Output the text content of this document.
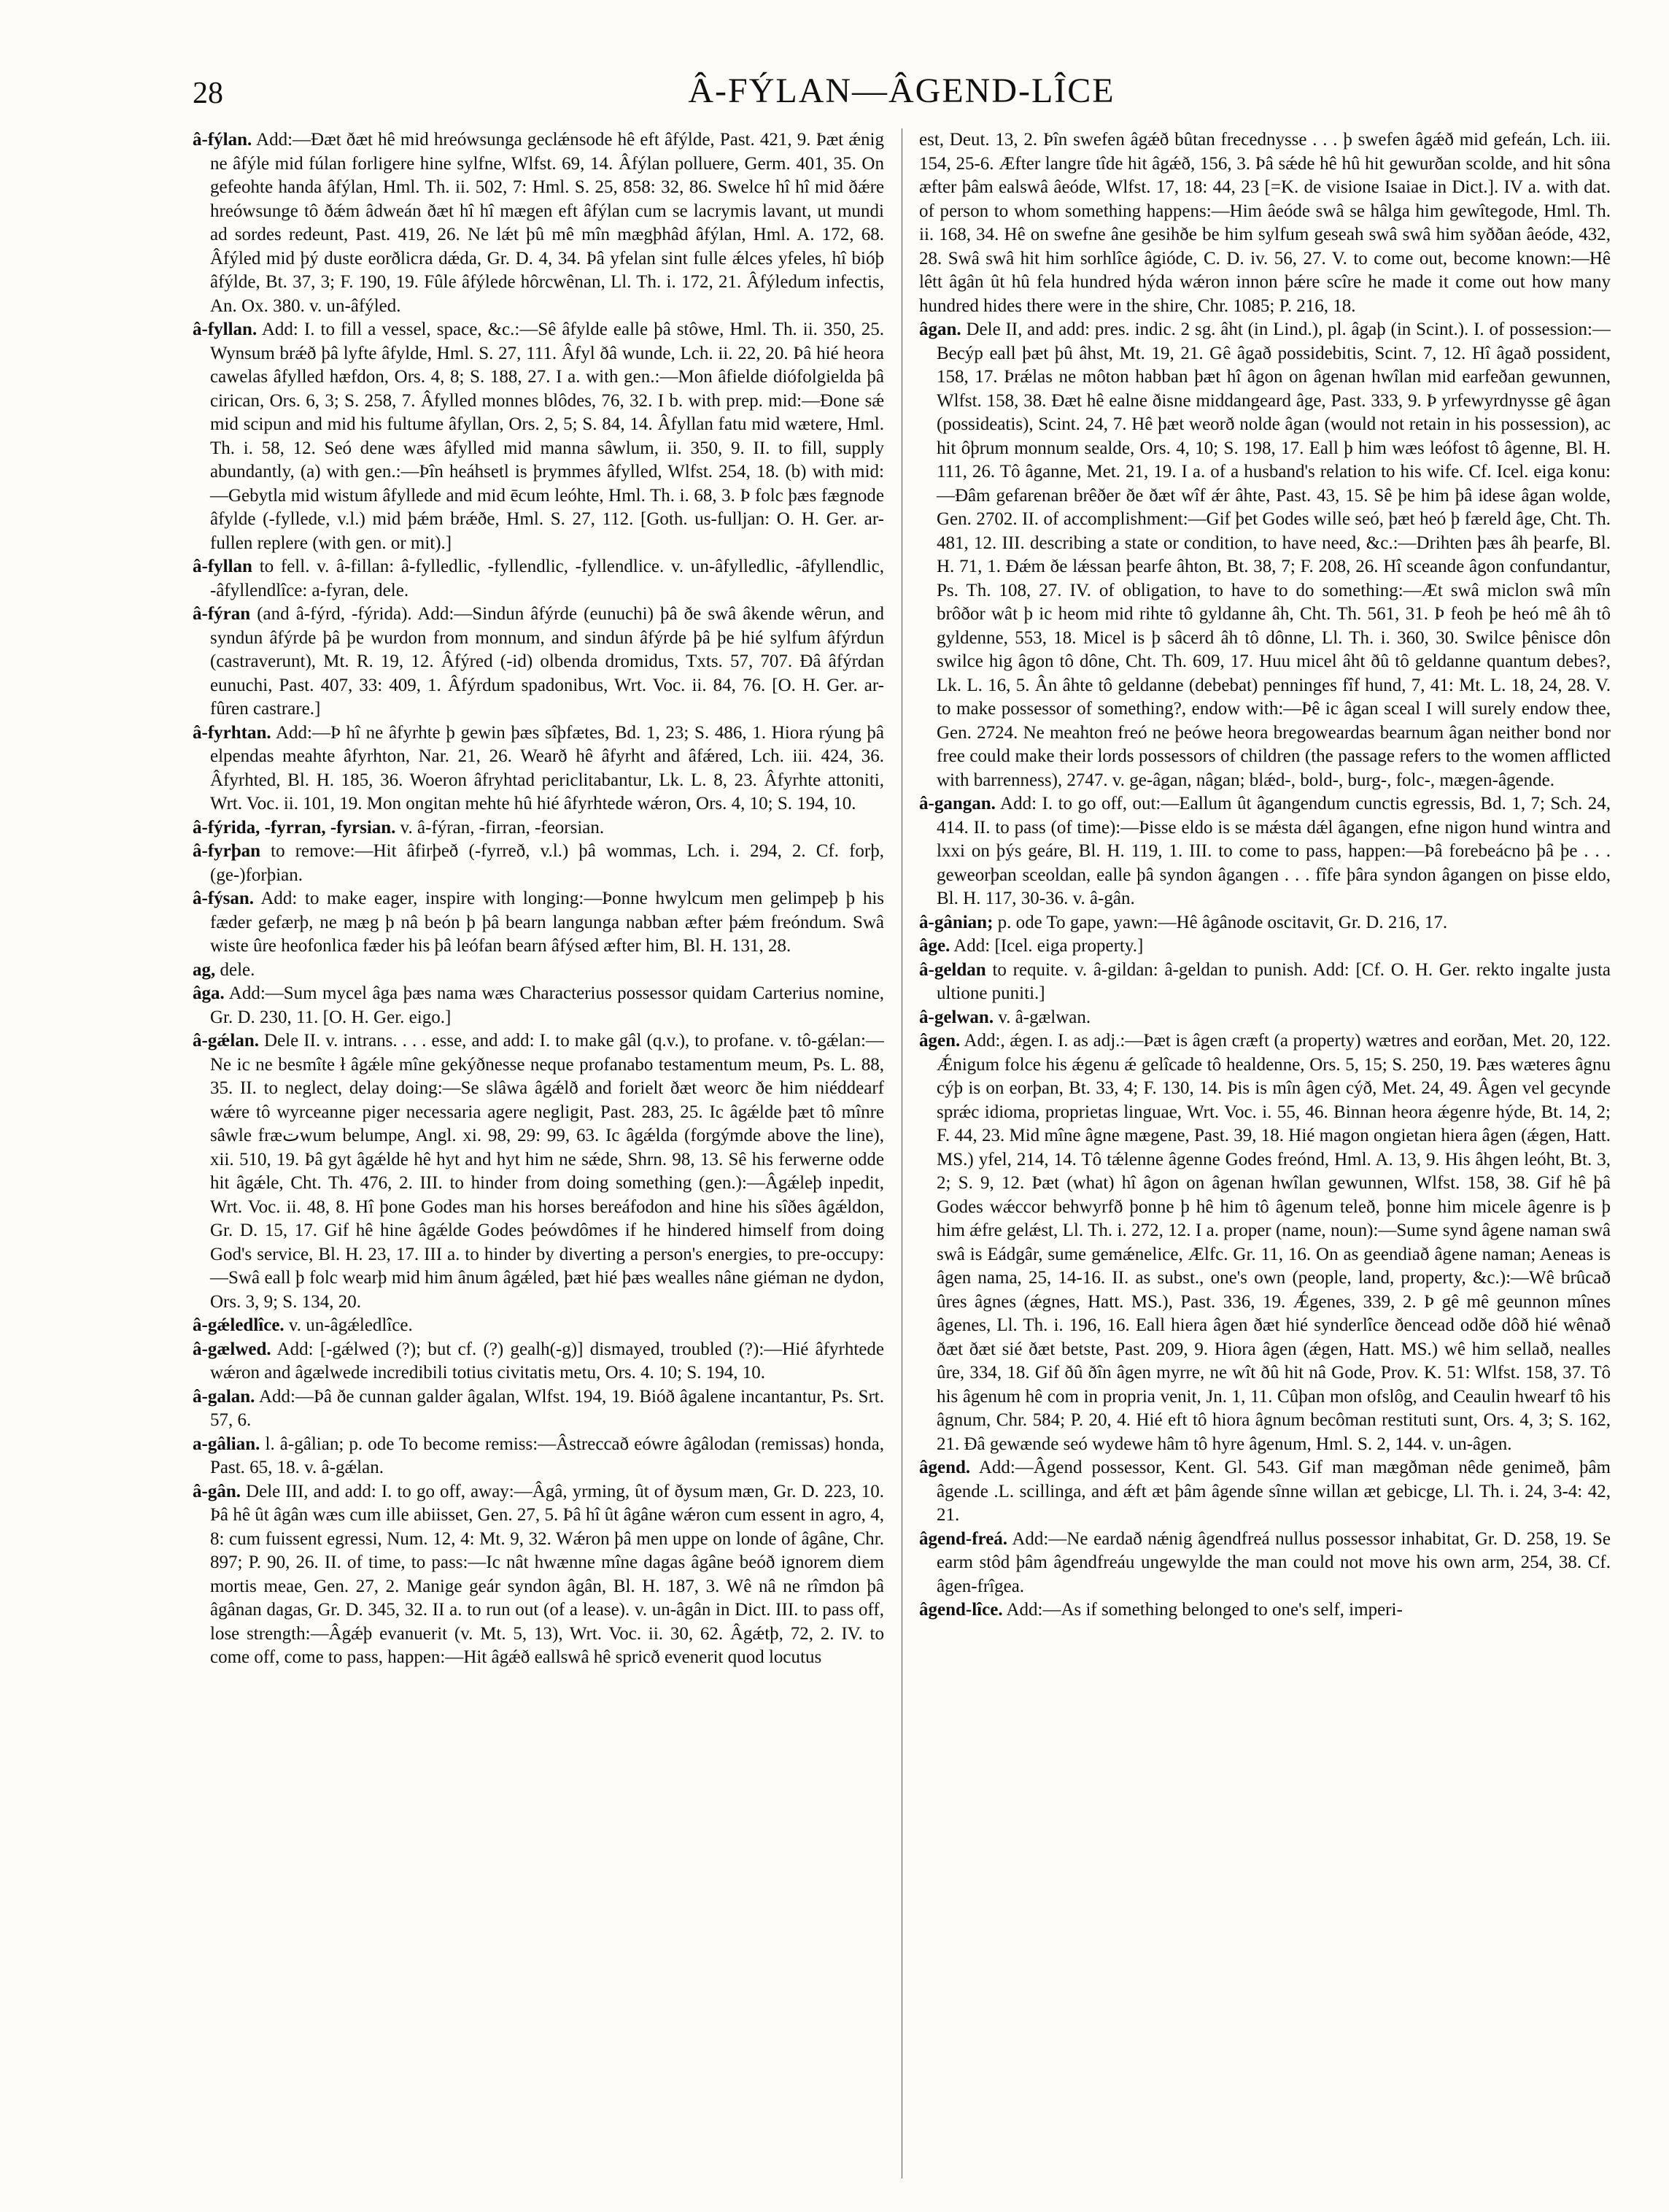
28	Â-FÝLAN—ÂGEND-LÎCE

â-fýlan. Add:—Ðæt ðæt hê mid hreówsunga geclǽnsode hê eft âfýlde, Past. 421, 9. Þæt ǽnig ne âfýle mid fúlan forligere hine sylfne, Wlfst. 69, 14. Âfýlan polluere, Germ. 401, 35. On gefeohte handa âfýlan, Hml. Th. ii. 502, 7: Hml. S. 25, 858: 32, 86. Swelce hî hî mid ðǽre hreówsunge tô ðǽm âdweán ðæt hî hî mægen eft âfýlan cum se lacrymis lavant, ut mundi ad sordes redeunt, Past. 419, 26. Ne lǽt þû mê mîn mægþhâd âfýlan, Hml. A. 172, 68. Âfýled mid þý duste eorðlicra dǽda, Gr. D. 4, 34. Þâ yfelan sint fulle ǽlces yfeles, hî bióþ âfýlde, Bt. 37, 3; F. 190, 19. Fûle âfýlede hôrcwênan, Ll. Th. i. 172, 21. Âfýledum infectis, An. Ox. 380. v. un-âfýled.

â-fyllan. Add: I. to fill a vessel, space, &c.:—Sê âfylde ealle þâ stôwe, Hml. Th. ii. 350, 25. Wynsum brǽð þâ lyfte âfylde, Hml. S. 27, 111. Âfyl ðâ wunde, Lch. ii. 22, 20. Þâ hié heora cawelas âfylled hæfdon, Ors. 4, 8; S. 188, 27. I a. with gen.:—Mon âfielde diófolgielda þâ cirican, Ors. 6, 3; S. 258, 7. Âfylled monnes blôdes, 76, 32. I b. with prep. mid:—Ðone sǽ mid scipun and mid his fultume âfyllan, Ors. 2, 5; S. 84, 14. Âfyllan fatu mid wætere, Hml. Th. i. 58, 12. Seó dene wæs âfylled mid manna sâwlum, ii. 350, 9. II. to fill, supply abundantly, (a) with gen.:—Þîn heáhsetl is þrymmes âfylled, Wlfst. 254, 18. (b) with mid:—Gebytla mid wistum âfyllede and mid ēcum leóhte, Hml. Th. i. 68, 3. Þ folc þæs fægnode âfylde (-fyllede, v.l.) mid þǽm brǽðe, Hml. S. 27, 112. [Goth. us-fulljan: O. H. Ger. ar-fullen replere (with gen. or mit).]

â-fyllan to fell. v. â-fillan: â-fylledlic, -fyllendlic, -fyllendlice. v. un-âfylledlic, -âfyllendlic, -âfyllendlîce: a-fyran, dele.

â-fýran (and â-fýrd, -fýrida). Add:—Sindun âfýrde (eunuchi) þâ ðe swâ âkende wêrun, and syndun âfýrde þâ þe wurdon from monnum, and sindun âfýrde þâ þe hié sylfum âfýrdun (castraverunt), Mt. R. 19, 12. Âfýred (-id) olbenda dromidus, Txts. 57, 707. Ðâ âfýrdan eunuchi, Past. 407, 33: 409, 1. Âfýrdum spadonibus, Wrt. Voc. ii. 84, 76. [O. H. Ger. ar-fûren castrare.]

â-fyrhtan. Add:—Þ hî ne âfyrhte þ gewin þæs sîþfætes, Bd. 1, 23; S. 486, 1. Hiora rýung þâ elpendas meahte âfyrhton, Nar. 21, 26. Wearð hê âfyrht and âfǽred, Lch. iii. 424, 36. Âfyrhted, Bl. H. 185, 36. Woeron âfryhtad periclitabantur, Lk. L. 8, 23. Âfyrhte attoniti, Wrt. Voc. ii. 101, 19. Mon ongitan mehte hû hié âfyrhtede wǽron, Ors. 4, 10; S. 194, 10.

â-fýrida, -fyrran, -fyrsian. v. â-fýran, -firran, -feorsian.

â-fyrþan to remove:—Hit âfirþeð (-fyrreð, v.l.) þâ wommas, Lch. i. 294, 2. Cf. forþ, (ge-)forþian.

â-fýsan. Add: to make eager, inspire with longing:—Þonne hwylcum men gelimpeþ þ his fæder gefærþ, ne mæg þ nâ beón þ þâ bearn langunga nabban æfter þǽm freóndum. Swâ wiste ûre heofonlica fæder his þâ leófan bearn âfýsed æfter him, Bl. H. 131, 28.

ag, dele.

âga. Add:—Sum mycel âga þæs nama wæs Characterius possessor quidam Carterius nomine, Gr. D. 230, 11. [O. H. Ger. eigo.]

â-gǽlan. Dele II. v. intrans. . . . esse, and add: I. to make gâl (q.v.), to profane. v. tô-gǽlan:—Ne ic ne besmîte ł âgǽle mîne gekýðnesse neque profanabo testamentum meum, Ps. L. 88, 35. II. to neglect, delay doing:—Se slâwa âgǽlð and forielt ðæt weorc ðe him niéddearf wǽre tô wyrceanne piger necessaria agere negligit, Past. 283, 25. Ic âgǽlde þæt tô mînre sâwle fræتwum belumpe, Angl. xi. 98, 29: 99, 63. Ic âgǽlda (forgýmde above the line), xii. 510, 19. Þâ gyt âgǽlde hê hyt and hyt him ne sǽde, Shrn. 98, 13. Sê his ferwerne odde hit âgǽle, Cht. Th. 476, 2. III. to hinder from doing something (gen.):—Âgǽleþ inpedit, Wrt. Voc. ii. 48, 8. Hî þone Godes man his horses bereáfodon and hine his sîðes âgǽldon, Gr. D. 15, 17. Gif hê hine âgǽlde Godes þeówdômes if he hindered himself from doing God's service, Bl. H. 23, 17. III a. to hinder by diverting a person's energies, to pre-occupy:—Swâ eall þ folc wearþ mid him ânum âgǽled, þæt hié þæs wealles nâne giéman ne dydon, Ors. 3, 9; S. 134, 20.

â-gǽledlîce. v. un-âgǽledlîce.

â-gælwed. Add: [-gǽlwed (?); but cf. (?) gealh(-g)] dismayed, troubled (?):—Hié âfyrhtede wǽron and âgælwede incredibili totius civitatis metu, Ors. 4. 10; S. 194, 10.

â-galan. Add:—Þâ ðe cunnan galder âgalan, Wlfst. 194, 19. Bióð âgalene incantantur, Ps. Srt. 57, 6.

a-gâlian. l. â-gâlian; p. ode To become remiss:—Âstreccað eówre âgâlodan (remissas) honda, Past. 65, 18. v. â-gǽlan.

â-gân. Dele III, and add: I. to go off, away:—Âgâ, yrming, ût of ðysum mæn, Gr. D. 223, 10. Þâ hê ût âgân wæs cum ille abiisset, Gen. 27, 5. Þâ hî ût âgâne wǽron cum essent in agro, 4, 8: cum fuissent egressi, Num. 12, 4: Mt. 9, 32. Wǽron þâ men uppe on londe of âgâne, Chr. 897; P. 90, 26. II. of time, to pass:—Ic nât hwænne mîne dagas âgâne beóð ignorem diem mortis meae, Gen. 27, 2. Manige geár syndon âgân, Bl. H. 187, 3. Wê nâ ne rîmdon þâ âgânan dagas, Gr. D. 345, 32. II a. to run out (of a lease). v. un-âgân in Dict. III. to pass off, lose strength:—Âgǽþ evanuerit (v. Mt. 5, 13), Wrt. Voc. ii. 30, 62. Âgǽtþ, 72, 2. IV. to come off, come to pass, happen:—Hit âgǽð eallswâ hê spricð evenerit quod locutus

est, Deut. 13, 2. Þîn swefen âgǽð bûtan frecednysse . . . þ swefen âgǽð mid gefeán, Lch. iii. 154, 25-6. Æfter langre tîde hit âgǽð, 156, 3. Þâ sǽde hê hû hit gewurðan scolde, and hit sôna æfter þâm ealswâ âeóde, Wlfst. 17, 18: 44, 23 [=K. de visione Isaiae in Dict.]. IV a. with dat. of person to whom something happens:—Him âeóde swâ se hâlga him gewîtegode, Hml. Th. ii. 168, 34. Hê on swefne âne gesihðe be him sylfum geseah swâ swâ him syððan âeóde, 432, 28. Swâ swâ hit him sorhlîce âgióde, C. D. iv. 56, 27. V. to come out, become known:—Hê lêtt âgân ût hû fela hundred hýda wǽron innon þǽre scîre he made it come out how many hundred hides there were in the shire, Chr. 1085; P. 216, 18.

âgan. Dele II, and add: pres. indic. 2 sg. âht (in Lind.), pl. âgaþ (in Scint.). I. of possession:—Becýp eall þæt þû âhst, Mt. 19, 21. Gê âgað possidebitis, Scint. 7, 12. Hî âgað possident, 158, 17. Þrǽlas ne môton habban þæt hî âgon on âgenan hwîlan mid earfeðan gewunnen, Wlfst. 158, 38. Ðæt hê ealne ðisne middangeard âge, Past. 333, 9. Þ yrfewyrdnysse gê âgan (possideatis), Scint. 24, 7. Hê þæt weorð nolde âgan (would not retain in his possession), ac hit ôþrum monnum sealde, Ors. 4, 10; S. 198, 17. Eall þ him wæs leófost tô âgenne, Bl. H. 111, 26. Tô âganne, Met. 21, 19. I a. of a husband's relation to his wife. Cf. Icel. eiga konu:—Ðâm gefarenan brêðer ðe ðæt wîf ǽr âhte, Past. 43, 15. Sê þe him þâ idese âgan wolde, Gen. 2702. II. of accomplishment:—Gif þet Godes wille seó, þæt heó þ færeld âge, Cht. Th. 481, 12. III. describing a state or condition, to have need, &c.:—Drihten þæs âh þearfe, Bl. H. 71, 1. Ðǽm ðe lǽssan þearfe âhton, Bt. 38, 7; F. 208, 26. Hî sceande âgon confundantur, Ps. Th. 108, 27. IV. of obligation, to have to do something:—Æt swâ miclon swâ mîn brôðor wât þ ic heom mid rihte tô gyldanne âh, Cht. Th. 561, 31. Þ feoh þe heó mê âh tô gyldenne, 553, 18. Micel is þ sâcerd âh tô dônne, Ll. Th. i. 360, 30. Swilce þênisce dôn swilce hig âgon tô dône, Cht. Th. 609, 17. Huu micel âht ðû tô geldanne quantum debes?, Lk. L. 16, 5. Ân âhte tô geldanne (debebat) penninges fîf hund, 7, 41: Mt. L. 18, 24, 28. V. to make possessor of something?, endow with:—Þê ic âgan sceal I will surely endow thee, Gen. 2724. Ne meahton freó ne þeówe heora bregoweardas bearnum âgan neither bond nor free could make their lords possessors of children (the passage refers to the women afflicted with barrenness), 2747. v. ge-âgan, nâgan; blǽd-, bold-, burg-, folc-, mægen-âgende.

â-gangan. Add: I. to go off, out:—Eallum ût âgangendum cunctis egressis, Bd. 1, 7; Sch. 24, 414. II. to pass (of time):—Þisse eldo is se mǽsta dǽl âgangen, efne nigon hund wintra and lxxi on þýs geáre, Bl. H. 119, 1. III. to come to pass, happen:—Þâ forebeácno þâ þe . . . geweorþan sceoldan, ealle þâ syndon âgangen . . . fîfe þâra syndon âgangen on þisse eldo, Bl. H. 117, 30-36. v. â-gân.

â-gânian; p. ode To gape, yawn:—Hê âgânode oscitavit, Gr. D. 216, 17.

âge. Add: [Icel. eiga property.]

â-geldan to requite. v. â-gildan: â-geldan to punish. Add: [Cf. O. H. Ger. rekto ingalte justa ultione puniti.]

â-gelwan. v. â-gælwan.

âgen. Add:, ǽgen. I. as adj.:—Þæt is âgen cræft (a property) wætres and eorðan, Met. 20, 122. Ǽnigum folce his ǽgenu ǽ gelîcade tô healdenne, Ors. 5, 15; S. 250, 19. Þæs wæteres âgnu cýþ is on eorþan, Bt. 33, 4; F. 130, 14. Þis is mîn âgen cýð, Met. 24, 49. Âgen vel gecynde sprǽc idioma, proprietas linguae, Wrt. Voc. i. 55, 46. Binnan heora ǽgenre hýde, Bt. 14, 2; F. 44, 23. Mid mîne âgne mægene, Past. 39, 18. Hié magon ongietan hiera âgen (ǽgen, Hatt. MS.) yfel, 214, 14. Tô tǽlenne âgenne Godes freónd, Hml. A. 13, 9. His âhgen leóht, Bt. 3, 2; S. 9, 12. Þæt (what) hî âgon on âgenan hwîlan gewunnen, Wlfst. 158, 38. Gif hê þâ Godes wǽccor behwyrfð þonne þ hê him tô âgenum teleð, þonne him micele âgenre is þ him ǽfre gelǽst, Ll. Th. i. 272, 12. I a. proper (name, noun):—Sume synd âgene naman swâ swâ is Eádgâr, sume gemǽnelice, Ælfc. Gr. 11, 16. On as geendiað âgene naman; Aeneas is âgen nama, 25, 14-16. II. as subst., one's own (people, land, property, &c.):—Wê brûcað ûres âgnes (ǽgnes, Hatt. MS.), Past. 336, 19. Ǽgenes, 339, 2. Þ gê mê geunnon mînes âgenes, Ll. Th. i. 196, 16. Eall hiera âgen ðæt hié synderlîce ðencead odðe dôð hié wênað ðæt ðæt sié ðæt betste, Past. 209, 9. Hiora âgen (ǽgen, Hatt. MS.) wê him sellað, nealles ûre, 334, 18. Gif ðû ðîn âgen myrre, ne wît ðû hit nâ Gode, Prov. K. 51: Wlfst. 158, 37. Tô his âgenum hê com in propria venit, Jn. 1, 11. Cûþan mon ofslôg, and Ceaulin hwearf tô his âgnum, Chr. 584; P. 20, 4. Hié eft tô hiora âgnum becôman restituti sunt, Ors. 4, 3; S. 162, 21. Ðâ gewænde seó wydewe hâm tô hyre âgenum, Hml. S. 2, 144. v. un-âgen.

âgend. Add:—Âgend possessor, Kent. Gl. 543. Gif man mægðman nêde genimeð, þâm âgende .L. scillinga, and ǽft æt þâm âgende sînne willan æt gebicge, Ll. Th. i. 24, 3-4: 42, 21.

âgend-freá. Add:—Ne eardað nǽnig âgendfreá nullus possessor inhabitat, Gr. D. 258, 19. Se earm stôd þâm âgendfreáu ungewylde the man could not move his own arm, 254, 38. Cf. âgen-frîgea.

âgend-lîce. Add:—As if something belonged to one's self, imperi-
